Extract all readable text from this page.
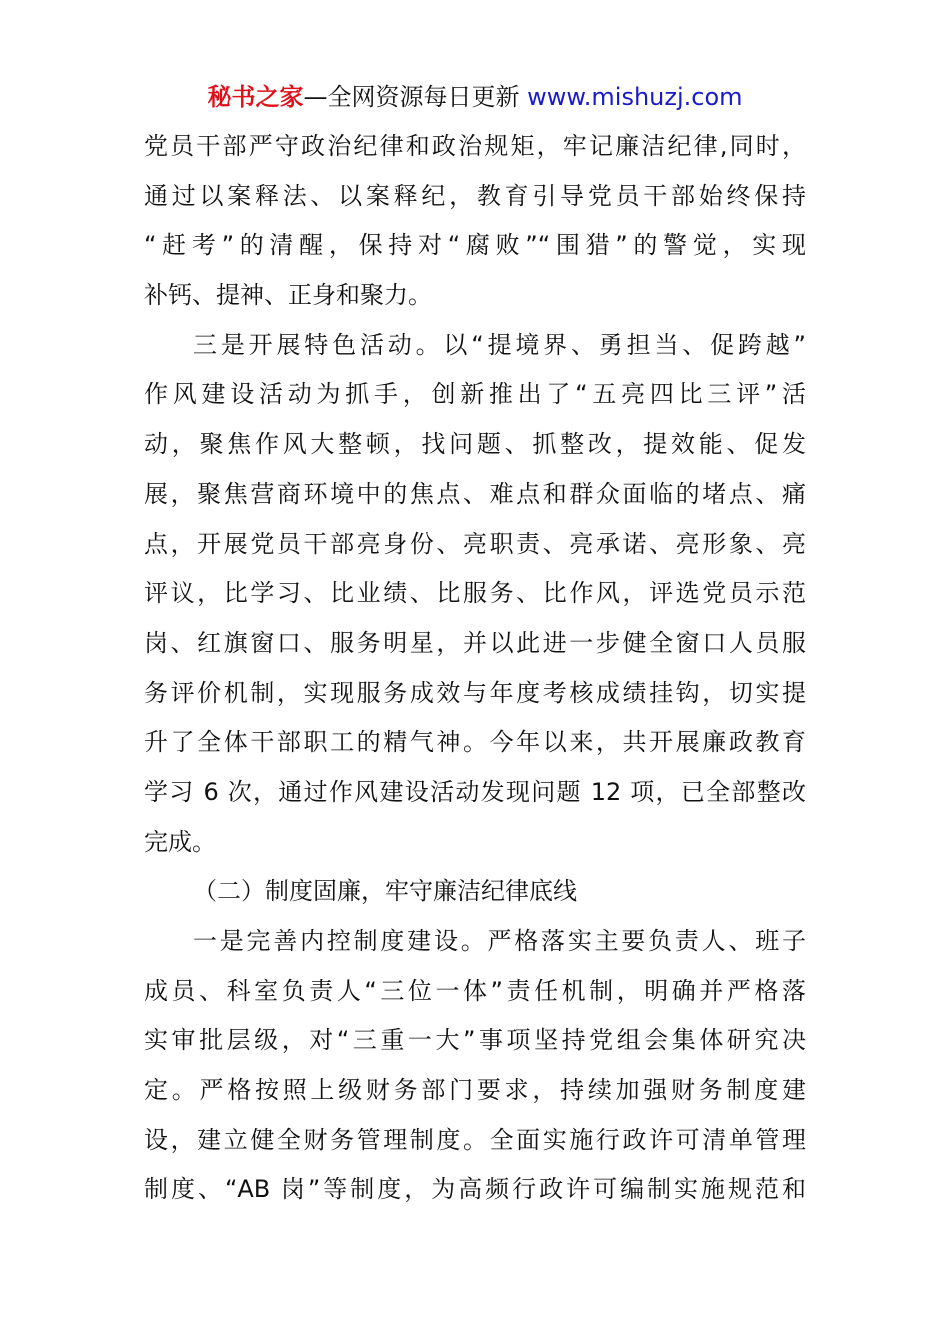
秘书之家—全网资源每日更新 www.mishuzj.com
党员干部严守政治纪律和政治规矩，牢记廉洁纪律,同时，
通过以案释法、以案释纪，教育引导党员干部始终保持
“赶考”的清醒，保持对“腐败”“围猎”的警觉，实现
补钙、提神、正身和聚力。
三是开展特色活动。以“提境界、勇担当、促跨越”
作风建设活动为抓手，创新推出了“五亮四比三评”活
动，聚焦作风大整顿，找问题、抓整改，提效能、促发
展，聚焦营商环境中的焦点、难点和群众面临的堵点、痛
点，开展党员干部亮身份、亮职责、亮承诺、亮形象、亮
评议，比学习、比业绩、比服务、比作风，评选党员示范
岗、红旗窗口、服务明星，并以此进一步健全窗口人员服
务评价机制，实现服务成效与年度考核成绩挂钩，切实提
升了全体干部职工的精气神。今年以来，共开展廉政教育
学习 6 次，通过作风建设活动发现问题 12 项，已全部整改
完成。
（二）制度固廉，牢守廉洁纪律底线
一是完善内控制度建设。严格落实主要负责人、班子
成员、科室负责人“三位一体”责任机制，明确并严格落
实审批层级，对“三重一大”事项坚持党组会集体研究决
定。严格按照上级财务部门要求，持续加强财务制度建
设，建立健全财务管理制度。全面实施行政许可清单管理
制度、“AB 岗”等制度，为高频行政许可编制实施规范和
